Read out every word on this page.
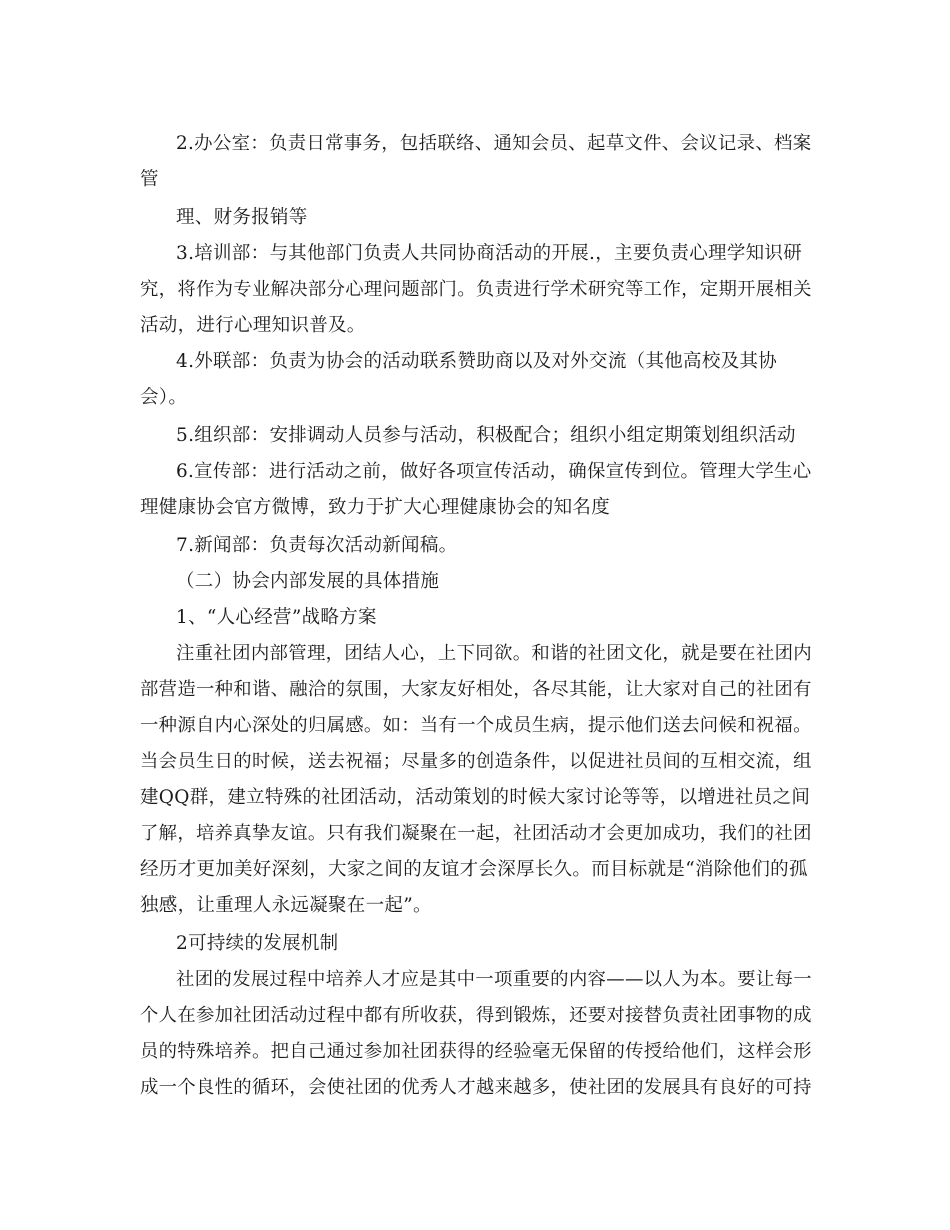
2.办公室：负责日常事务，包括联络、通知会员、起草文件、会议记录、档案
管
理、财务报销等
3.培训部：与其他部门负责人共同协商活动的开展.，主要负责心理学知识研
究，将作为专业解决部分心理问题部门。负责进行学术研究等工作，定期开展相关
活动，进行心理知识普及。
4.外联部：负责为协会的活动联系赞助商以及对外交流（其他高校及其协
会）。
5.组织部：安排调动人员参与活动，积极配合；组织小组定期策划组织活动
6.宣传部：进行活动之前，做好各项宣传活动，确保宣传到位。管理大学生心
理健康协会官方微博，致力于扩大心理健康协会的知名度
7.新闻部：负责每次活动新闻稿。
（二）协会内部发展的具体措施
1、“人心经营”战略方案
注重社团内部管理，团结人心，上下同欲。和谐的社团文化，就是要在社团内
部营造一种和谐、融洽的氛围，大家友好相处，各尽其能，让大家对自己的社团有
一种源自内心深处的归属感。如：当有一个成员生病，提示他们送去问候和祝福。
当会员生日的时候，送去祝福；尽量多的创造条件，以促进社员间的互相交流，组
建QQ群，建立特殊的社团活动，活动策划的时候大家讨论等等，以增进社员之间
了解，培养真挚友谊。只有我们凝聚在一起，社团活动才会更加成功，我们的社团
经历才更加美好深刻，大家之间的友谊才会深厚长久。而目标就是“消除他们的孤
独感，让重理人永远凝聚在一起”。
2可持续的发展机制
社团的发展过程中培养人才应是其中一项重要的内容——以人为本。要让每一
个人在参加社团活动过程中都有所收获，得到锻炼，还要对接替负责社团事物的成
员的特殊培养。把自己通过参加社团获得的经验毫无保留的传授给他们，这样会形
成一个良性的循环，会使社团的优秀人才越来越多，使社团的发展具有良好的可持
